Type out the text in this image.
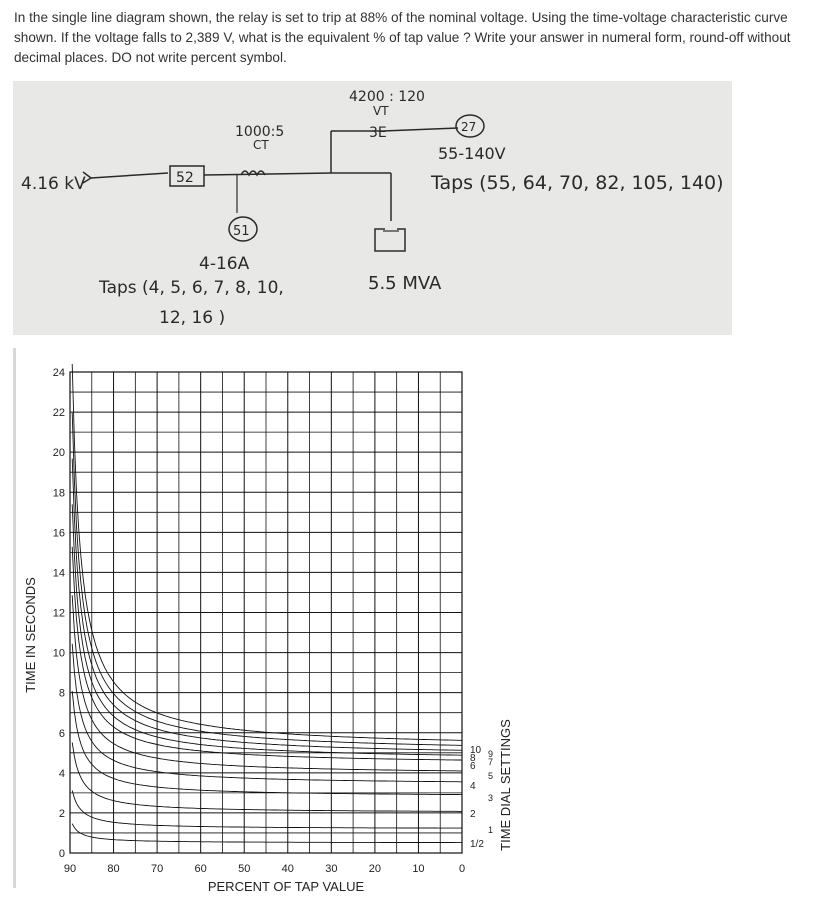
In the single line diagram shown, the relay is set to trip at 88% of the nominal voltage. Using the time-voltage characteristic curve shown. If the voltage falls to 2,389 V, what is the equivalent % of tap value ? Write your answer in numeral form, round-off without decimal places. DO not write percent symbol.
4.16 kV	52
1000:5
CT
51
4-16A
Taps (4, 5, 6, 7, 8, 10,
12, 16 )
4200 : 120
VT
3E	27
55-140V
Taps (55, 64, 70, 82, 105, 140)
5.5 MVA
0
2
4
6
8
10
12
14
16
18
20
22
24
90	80	70	60	50	40	30	20	10	0
10
8
6
4
2
1/2
9
7
5
3
1
TIME IN SECONDS
PERCENT OF TAP VALUE
TIME DIAL SETTINGS
